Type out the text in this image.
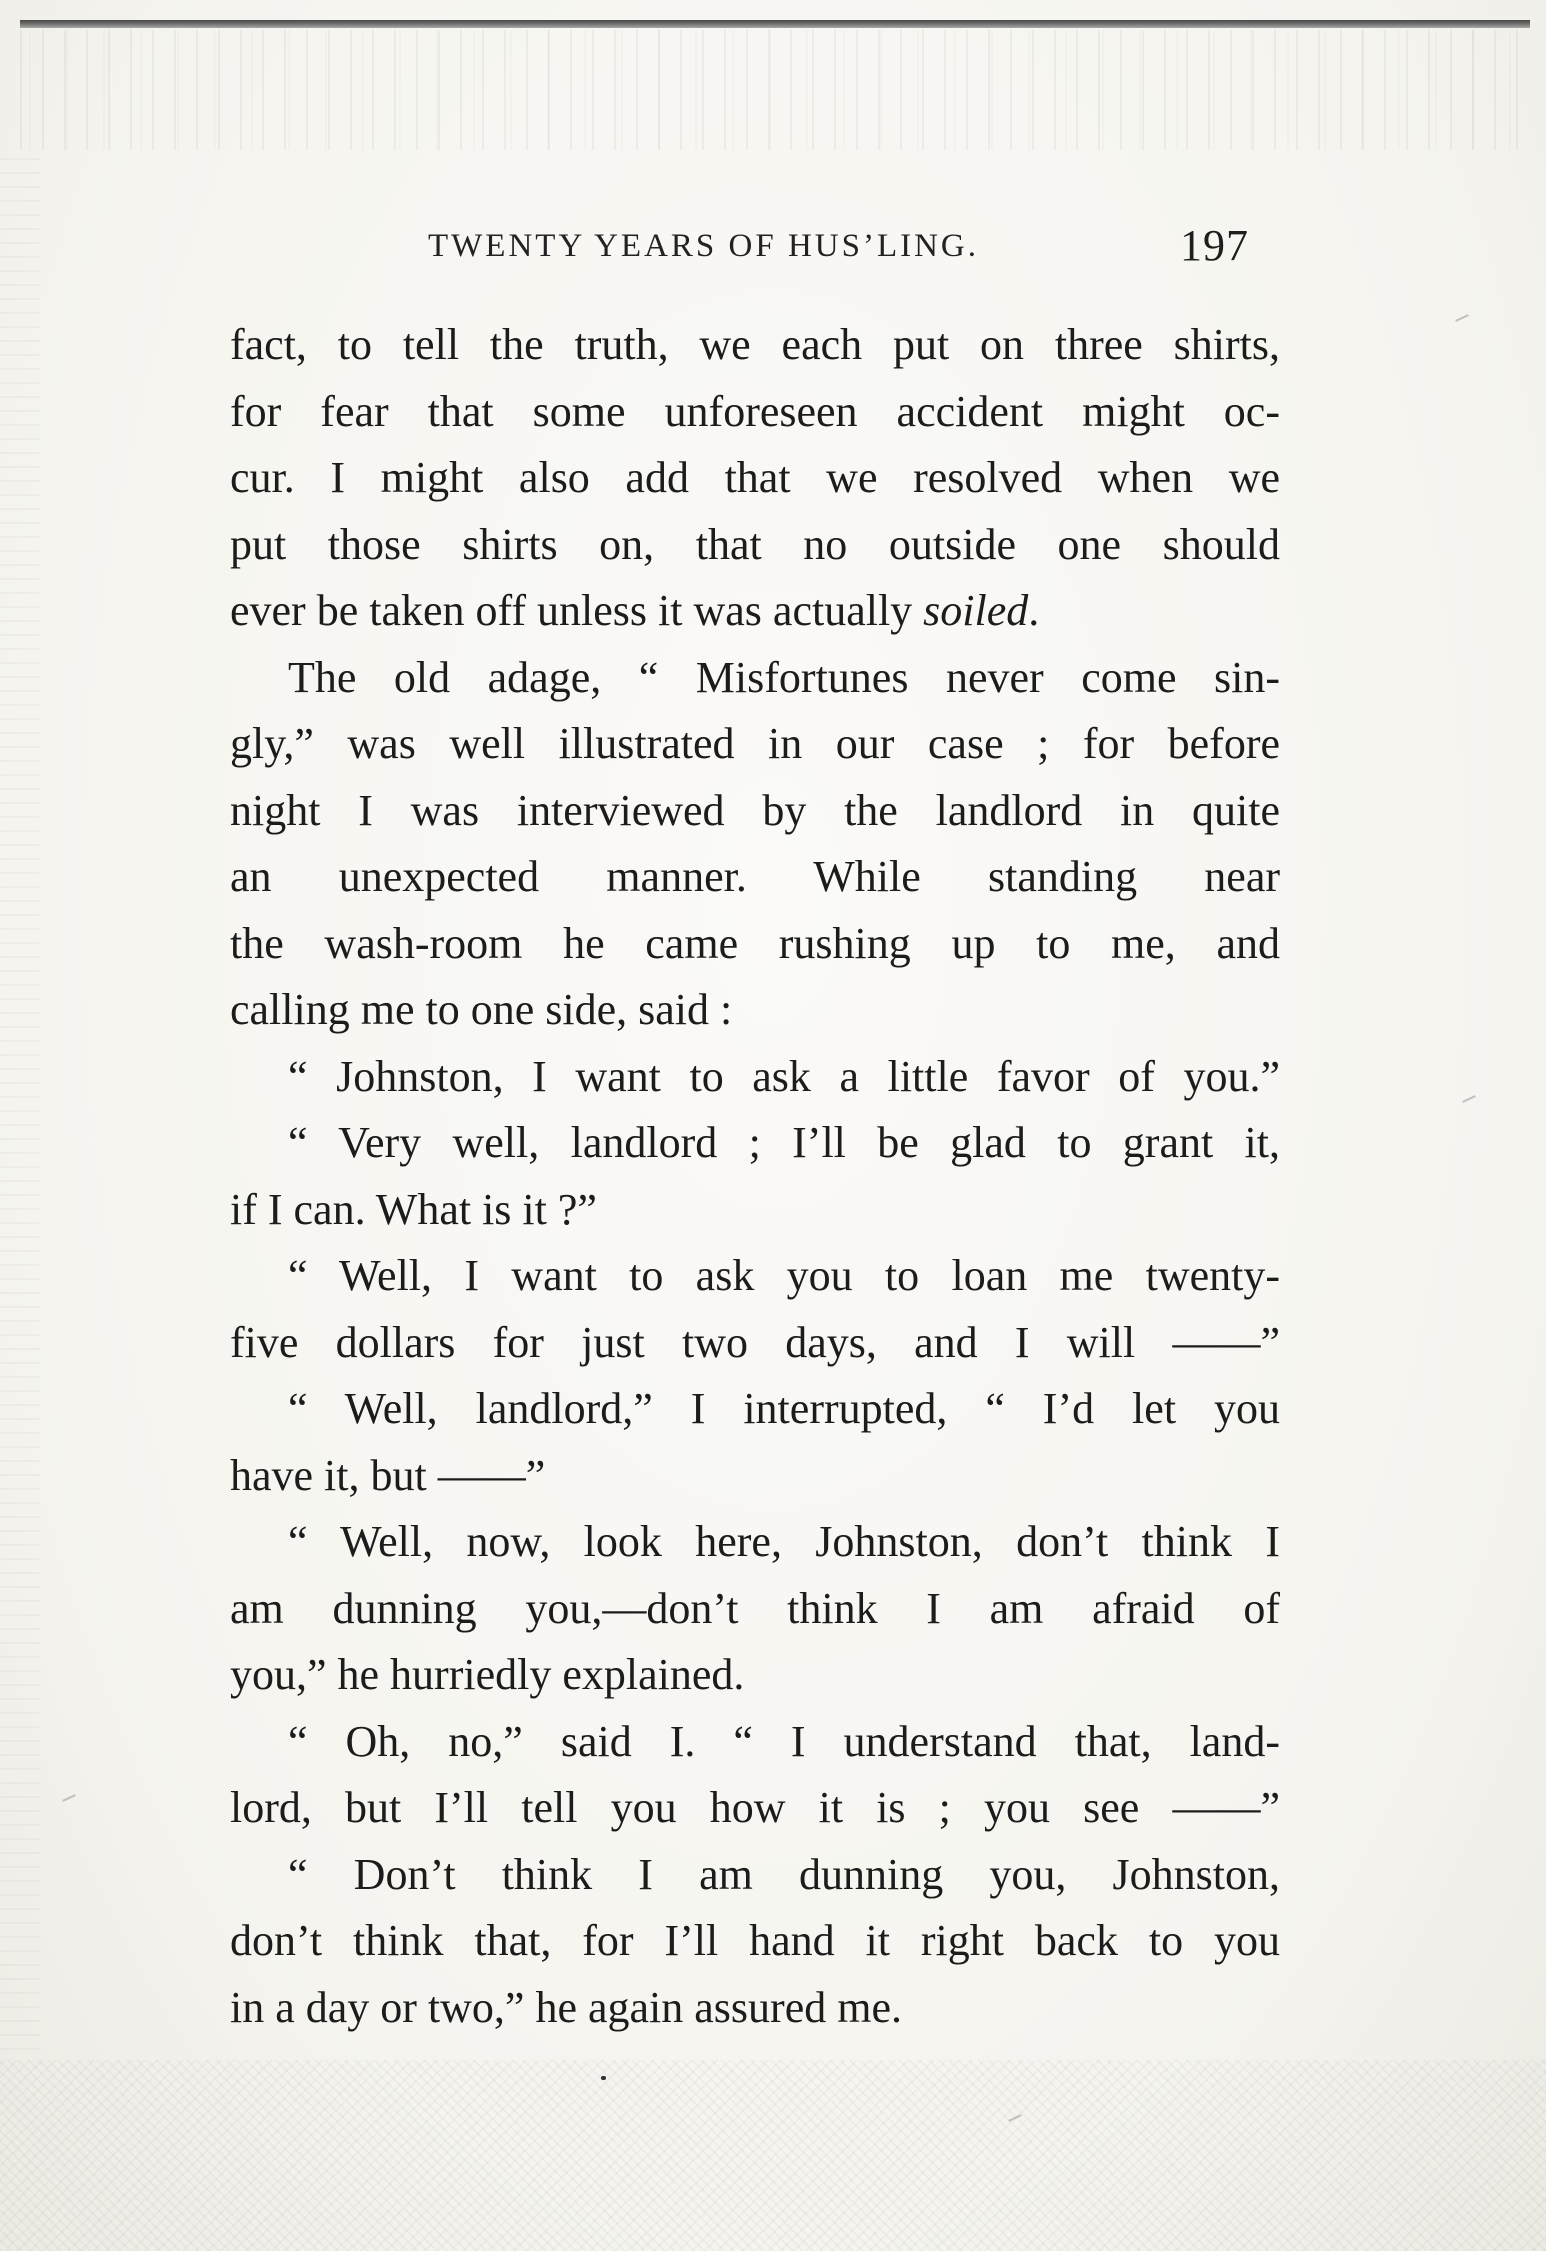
TWENTY YEARS OF HUS’LING.	197
fact, to tell the truth, we each put on three shirts,
for fear that some unforeseen accident might oc-
cur. I might also add that we resolved when we
put those shirts on, that no outside one should
ever be taken off unless it was actually soiled.
The old adage, “ Misfortunes never come sin-
gly,” was well illustrated in our case ; for before
night I was interviewed by the landlord in quite
an unexpected manner. While standing near
the wash-room he came rushing up to me, and
calling me to one side, said :
“ Johnston, I want to ask a little favor of you.”
“ Very well, landlord ; I’ll be glad to grant it,
if I can. What is it ?”
“ Well, I want to ask you to loan me twenty-
five dollars for just two days, and I will ——”
“ Well, landlord,” I interrupted, “ I’d let you
have it, but ——”
“ Well, now, look here, Johnston, don’t think I
am dunning you,—don’t think I am afraid of
you,” he hurriedly explained.
“ Oh, no,” said I. “ I understand that, land-
lord, but I’ll tell you how it is ; you see ——”
“ Don’t think I am dunning you, Johnston,
don’t think that, for I’ll hand it right back to you
in a day or two,” he again assured me.
